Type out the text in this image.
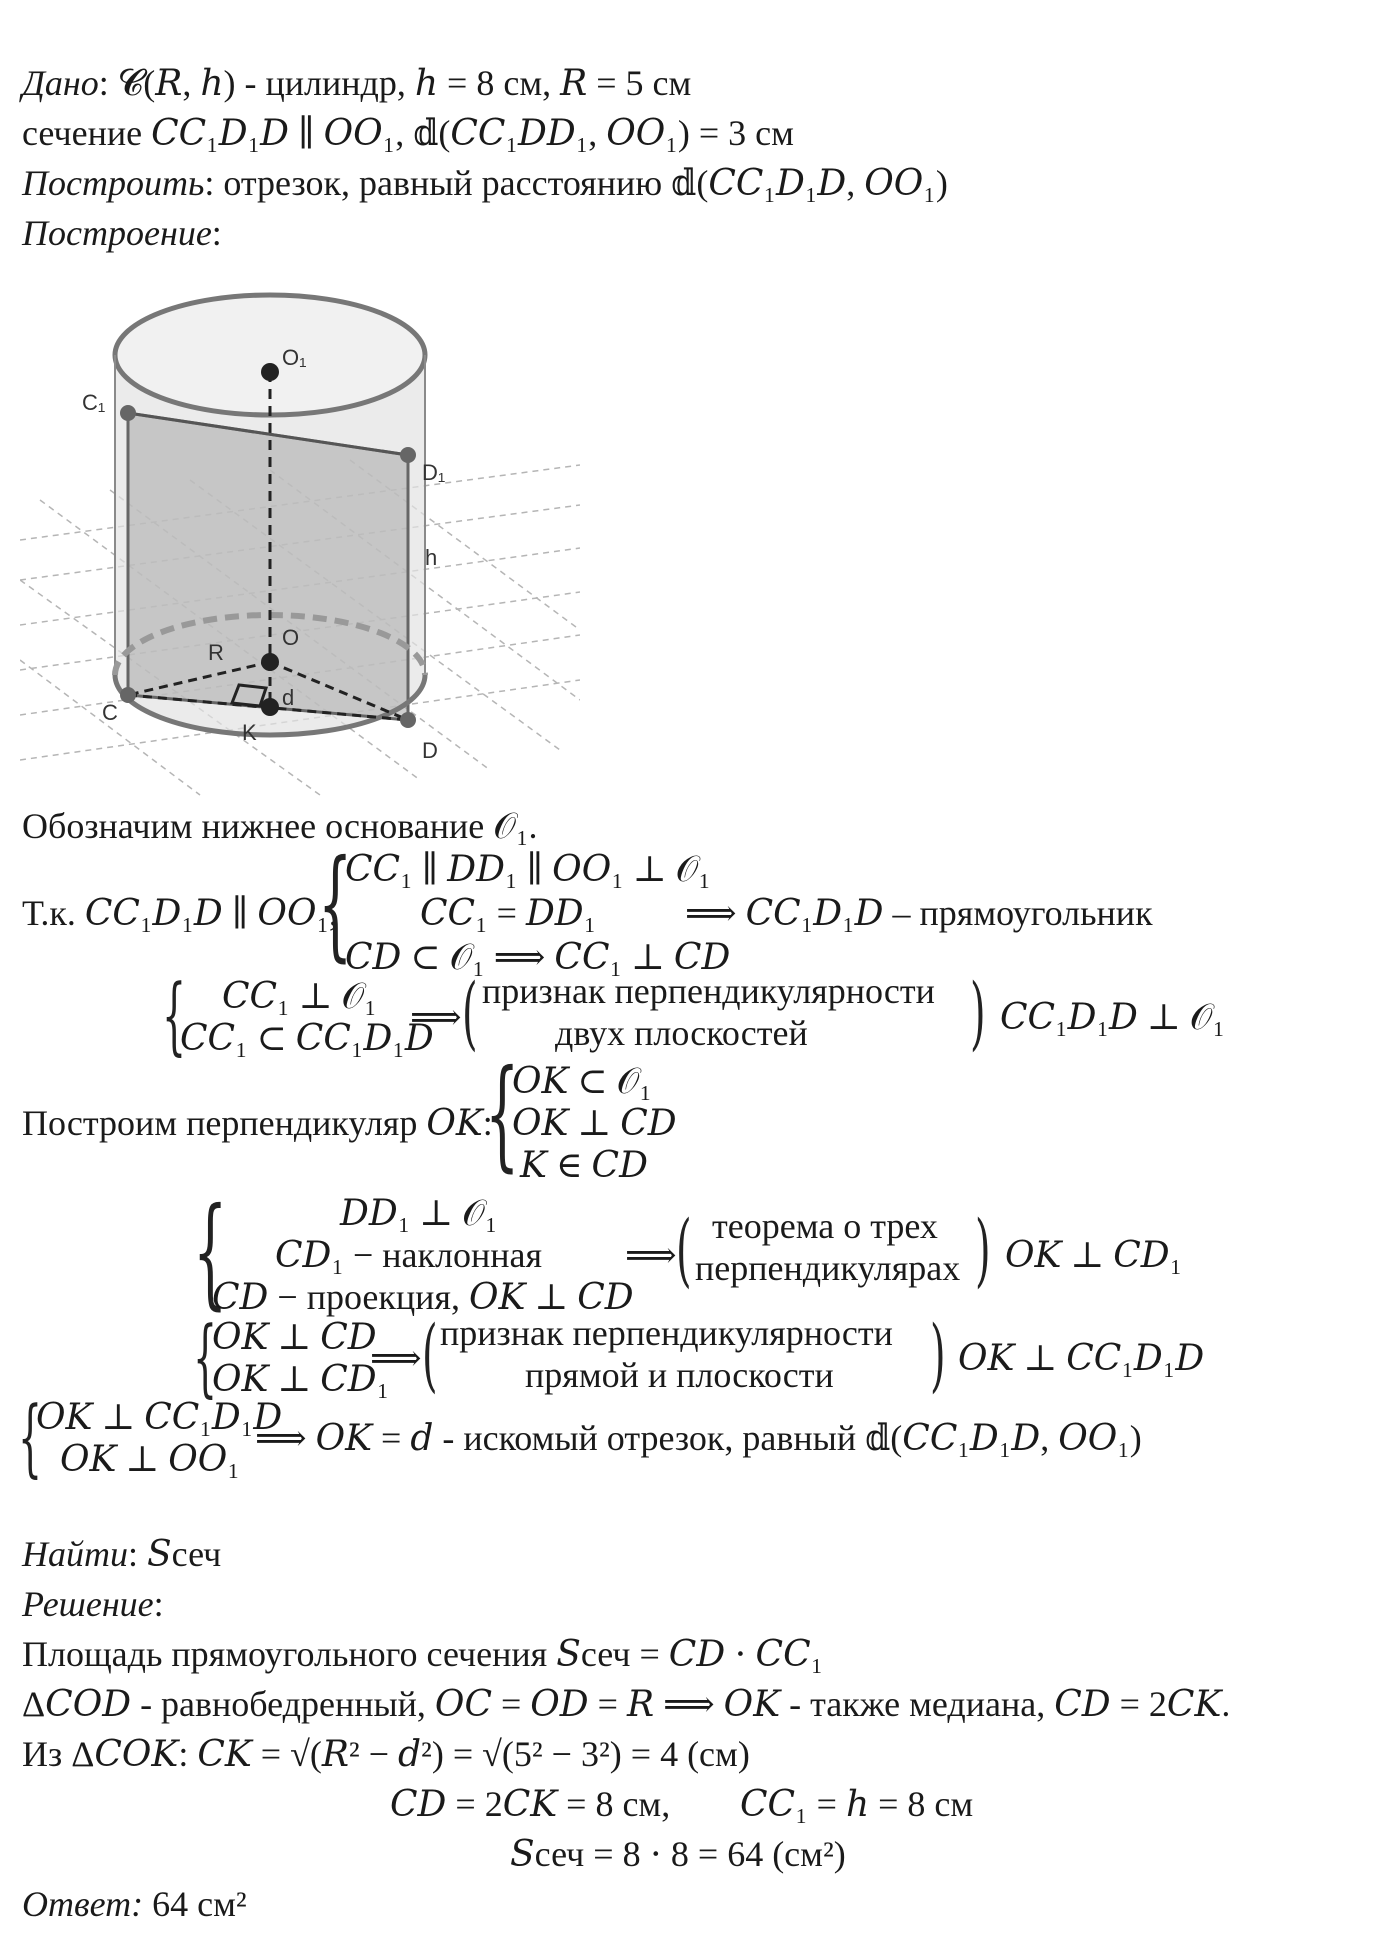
Дано: 𝓒(𝑅, ℎ) - цилиндр, ℎ = 8 см, 𝑅 = 5 см
сечение 𝐶𝐶₁𝐷₁𝐷 ∥ 𝑂𝑂₁, 𝕕(𝐶𝐶₁𝐷𝐷₁, 𝑂𝑂₁) = 3 см
Построить: отрезок, равный расстоянию 𝕕(𝐶𝐶₁𝐷₁𝐷, 𝑂𝑂₁)
Построение:
O₁
C₁
D₁
h
O
R
d
C
K
D
Обозначим нижнее основание 𝒪₁.
Т.к. 𝐶𝐶₁𝐷₁𝐷 ∥ 𝑂𝑂₁,
{
𝐶𝐶₁ ∥ 𝐷𝐷₁ ∥ 𝑂𝑂₁ ⊥ 𝒪₁
𝐶𝐶₁ = 𝐷𝐷₁
𝐶𝐷 ⊂ 𝒪₁ ⟹ 𝐶𝐶₁ ⊥ 𝐶𝐷
⟹ 𝐶𝐶₁𝐷₁𝐷 – прямоугольник
{ 𝐶𝐶₁ ⊥ 𝒪₁
𝐶𝐶₁ ⊂ 𝐶𝐶₁𝐷₁𝐷
⟹ ( признак перпендикулярности
двух плоскостей ) 𝐶𝐶₁𝐷₁𝐷 ⊥ 𝒪₁
Построим перпендикуляр 𝑂𝐾:
{
𝑂𝐾 ⊂ 𝒪₁
𝑂𝐾 ⊥ 𝐶𝐷
𝐾 ∈ 𝐶𝐷
{	𝐷𝐷₁ ⊥ 𝒪₁
𝐶𝐷₁ − наклонная
𝐶𝐷 − проекция, 𝑂𝐾 ⊥ 𝐶𝐷
⟹ ( теорема о трех
перпендикулярах ) 𝑂𝐾 ⊥ 𝐶𝐷₁
{
𝑂𝐾 ⊥ 𝐶𝐷
𝑂𝐾 ⊥ 𝐶𝐷₁
⟹ ( признак перпендикулярности
прямой и плоскости ) 𝑂𝐾 ⊥ 𝐶𝐶₁𝐷₁𝐷
{
𝑂𝐾 ⊥ 𝐶𝐶₁𝐷₁𝐷
𝑂𝐾 ⊥ 𝑂𝑂₁
⟹ 𝑂𝐾 = 𝑑 - искомый отрезок, равный 𝕕(𝐶𝐶₁𝐷₁𝐷, 𝑂𝑂₁)
Найти: 𝑆сеч
Решение:
Площадь прямоугольного сечения 𝑆сеч = 𝐶𝐷 ⋅ 𝐶𝐶₁
Δ𝐶𝑂𝐷 - равнобедренный, 𝑂𝐶 = 𝑂𝐷 = 𝑅 ⟹ 𝑂𝐾 - также медиана, 𝐶𝐷 = 2𝐶𝐾.
Из Δ𝐶𝑂𝐾: 𝐶𝐾 = √(𝑅² − 𝑑²) = √(5² − 3²) = 4 (см)
𝐶𝐷 = 2𝐶𝐾 = 8 см, 𝐶𝐶₁ = ℎ = 8 см
𝑆сеч = 8 ⋅ 8 = 64 (см²)
Ответ: 64 см²
